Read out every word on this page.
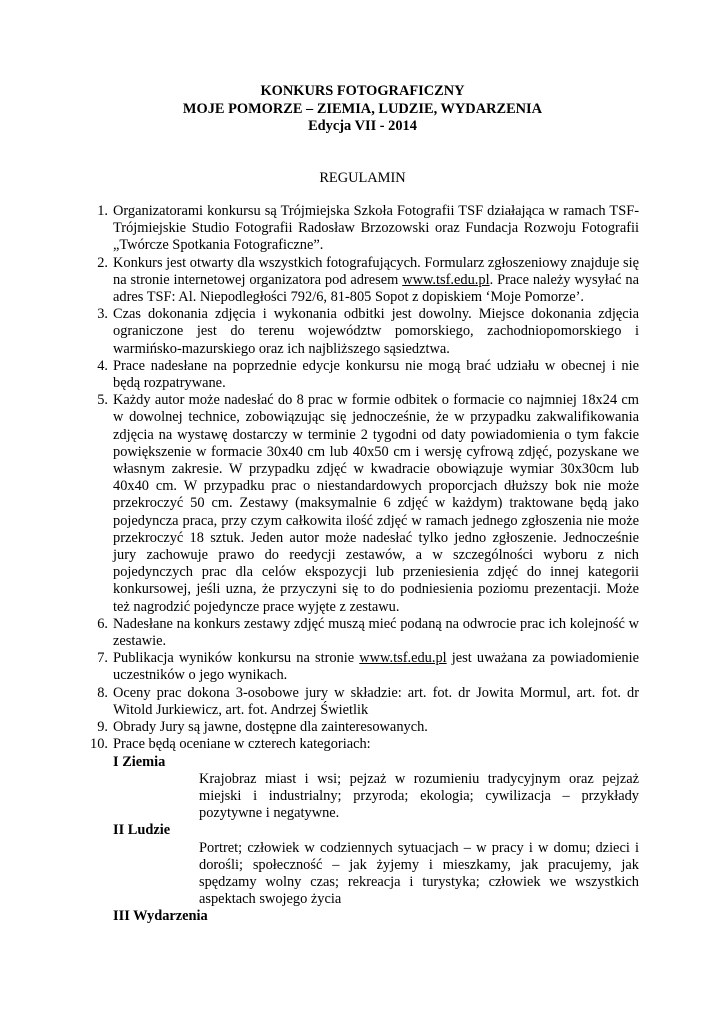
KONKURS FOTOGRAFICZNY
MOJE POMORZE – ZIEMIA, LUDZIE, WYDARZENIA
Edycja VII - 2014
REGULAMIN
1. Organizatorami konkursu są Trójmiejska Szkoła Fotografii TSF działająca w ramach TSF-Trójmiejskie Studio Fotografii Radosław Brzozowski oraz Fundacja Rozwoju Fotografii „Twórcze Spotkania Fotograficzne”.
2. Konkurs jest otwarty dla wszystkich fotografujących. Formularz zgłoszeniowy znajduje się na stronie internetowej organizatora pod adresem www.tsf.edu.pl. Prace należy wysyłać na adres TSF: Al. Niepodległości 792/6, 81-805 Sopot z dopiskiem ‘Moje Pomorze’.
3. Czas dokonania zdjęcia i wykonania odbitki jest dowolny. Miejsce dokonania zdjęcia ograniczone jest do terenu województw pomorskiego, zachodniopomorskiego i warmińsko-mazurskiego oraz ich najbliższego sąsiedztwa.
4. Prace nadesłane na poprzednie edycje konkursu nie mogą brać udziału w obecnej i nie będą rozpatrywane.
5. Każdy autor może nadesłać do 8 prac w formie odbitek o formacie co najmniej 18x24 cm w dowolnej technice, zobowiązując się jednocześnie, że w przypadku zakwalifikowania zdjęcia na wystawę dostarczy w terminie 2 tygodni od daty powiadomienia o tym fakcie powiększenie w formacie 30x40 cm lub 40x50 cm i wersję cyfrową zdjęć, pozyskane we własnym zakresie. W przypadku zdjęć w kwadracie obowiązuje wymiar 30x30cm lub 40x40 cm. W przypadku prac o niestandardowych proporcjach dłuższy bok nie może przekroczyć 50 cm. Zestawy (maksymalnie 6 zdjęć w każdym) traktowane będą jako pojedyncza praca, przy czym całkowita ilość zdjęć w ramach jednego zgłoszenia nie może przekroczyć 18 sztuk. Jeden autor może nadesłać tylko jedno zgłoszenie. Jednocześnie jury zachowuje prawo do reedycji zestawów, a w szczególności wyboru z nich pojedynczych prac dla celów ekspozycji lub przeniesienia zdjęć do innej kategorii konkursowej, jeśli uzna, że przyczyni się to do podniesienia poziomu prezentacji. Może też nagrodzić pojedyncze prace wyjęte z zestawu.
6. Nadesłane na konkurs zestawy zdjęć muszą mieć podaną na odwrocie prac ich kolejność w zestawie.
7. Publikacja wyników konkursu na stronie www.tsf.edu.pl jest uważana za powiadomienie uczestników o jego wynikach.
8. Oceny prac dokona 3-osobowe jury w składzie: art. fot. dr Jowita Mormul, art. fot. dr Witold Jurkiewicz, art. fot. Andrzej Świetlik
9. Obrady Jury są jawne, dostępne dla zainteresowanych.
10. Prace będą oceniane w czterech kategoriach:
I Ziemia
Krajobraz miast i wsi; pejzaż w rozumieniu tradycyjnym oraz pejzaż miejski i industrialny; przyroda; ekologia; cywilizacja – przykłady pozytywne i negatywne.
II Ludzie
Portret; człowiek w codziennych sytuacjach – w pracy i w domu; dzieci i dorośli; społeczność – jak żyjemy i mieszkamy, jak pracujemy, jak spędzamy wolny czas; rekreacja i turystyka; człowiek we wszystkich aspektach swojego życia
III Wydarzenia
